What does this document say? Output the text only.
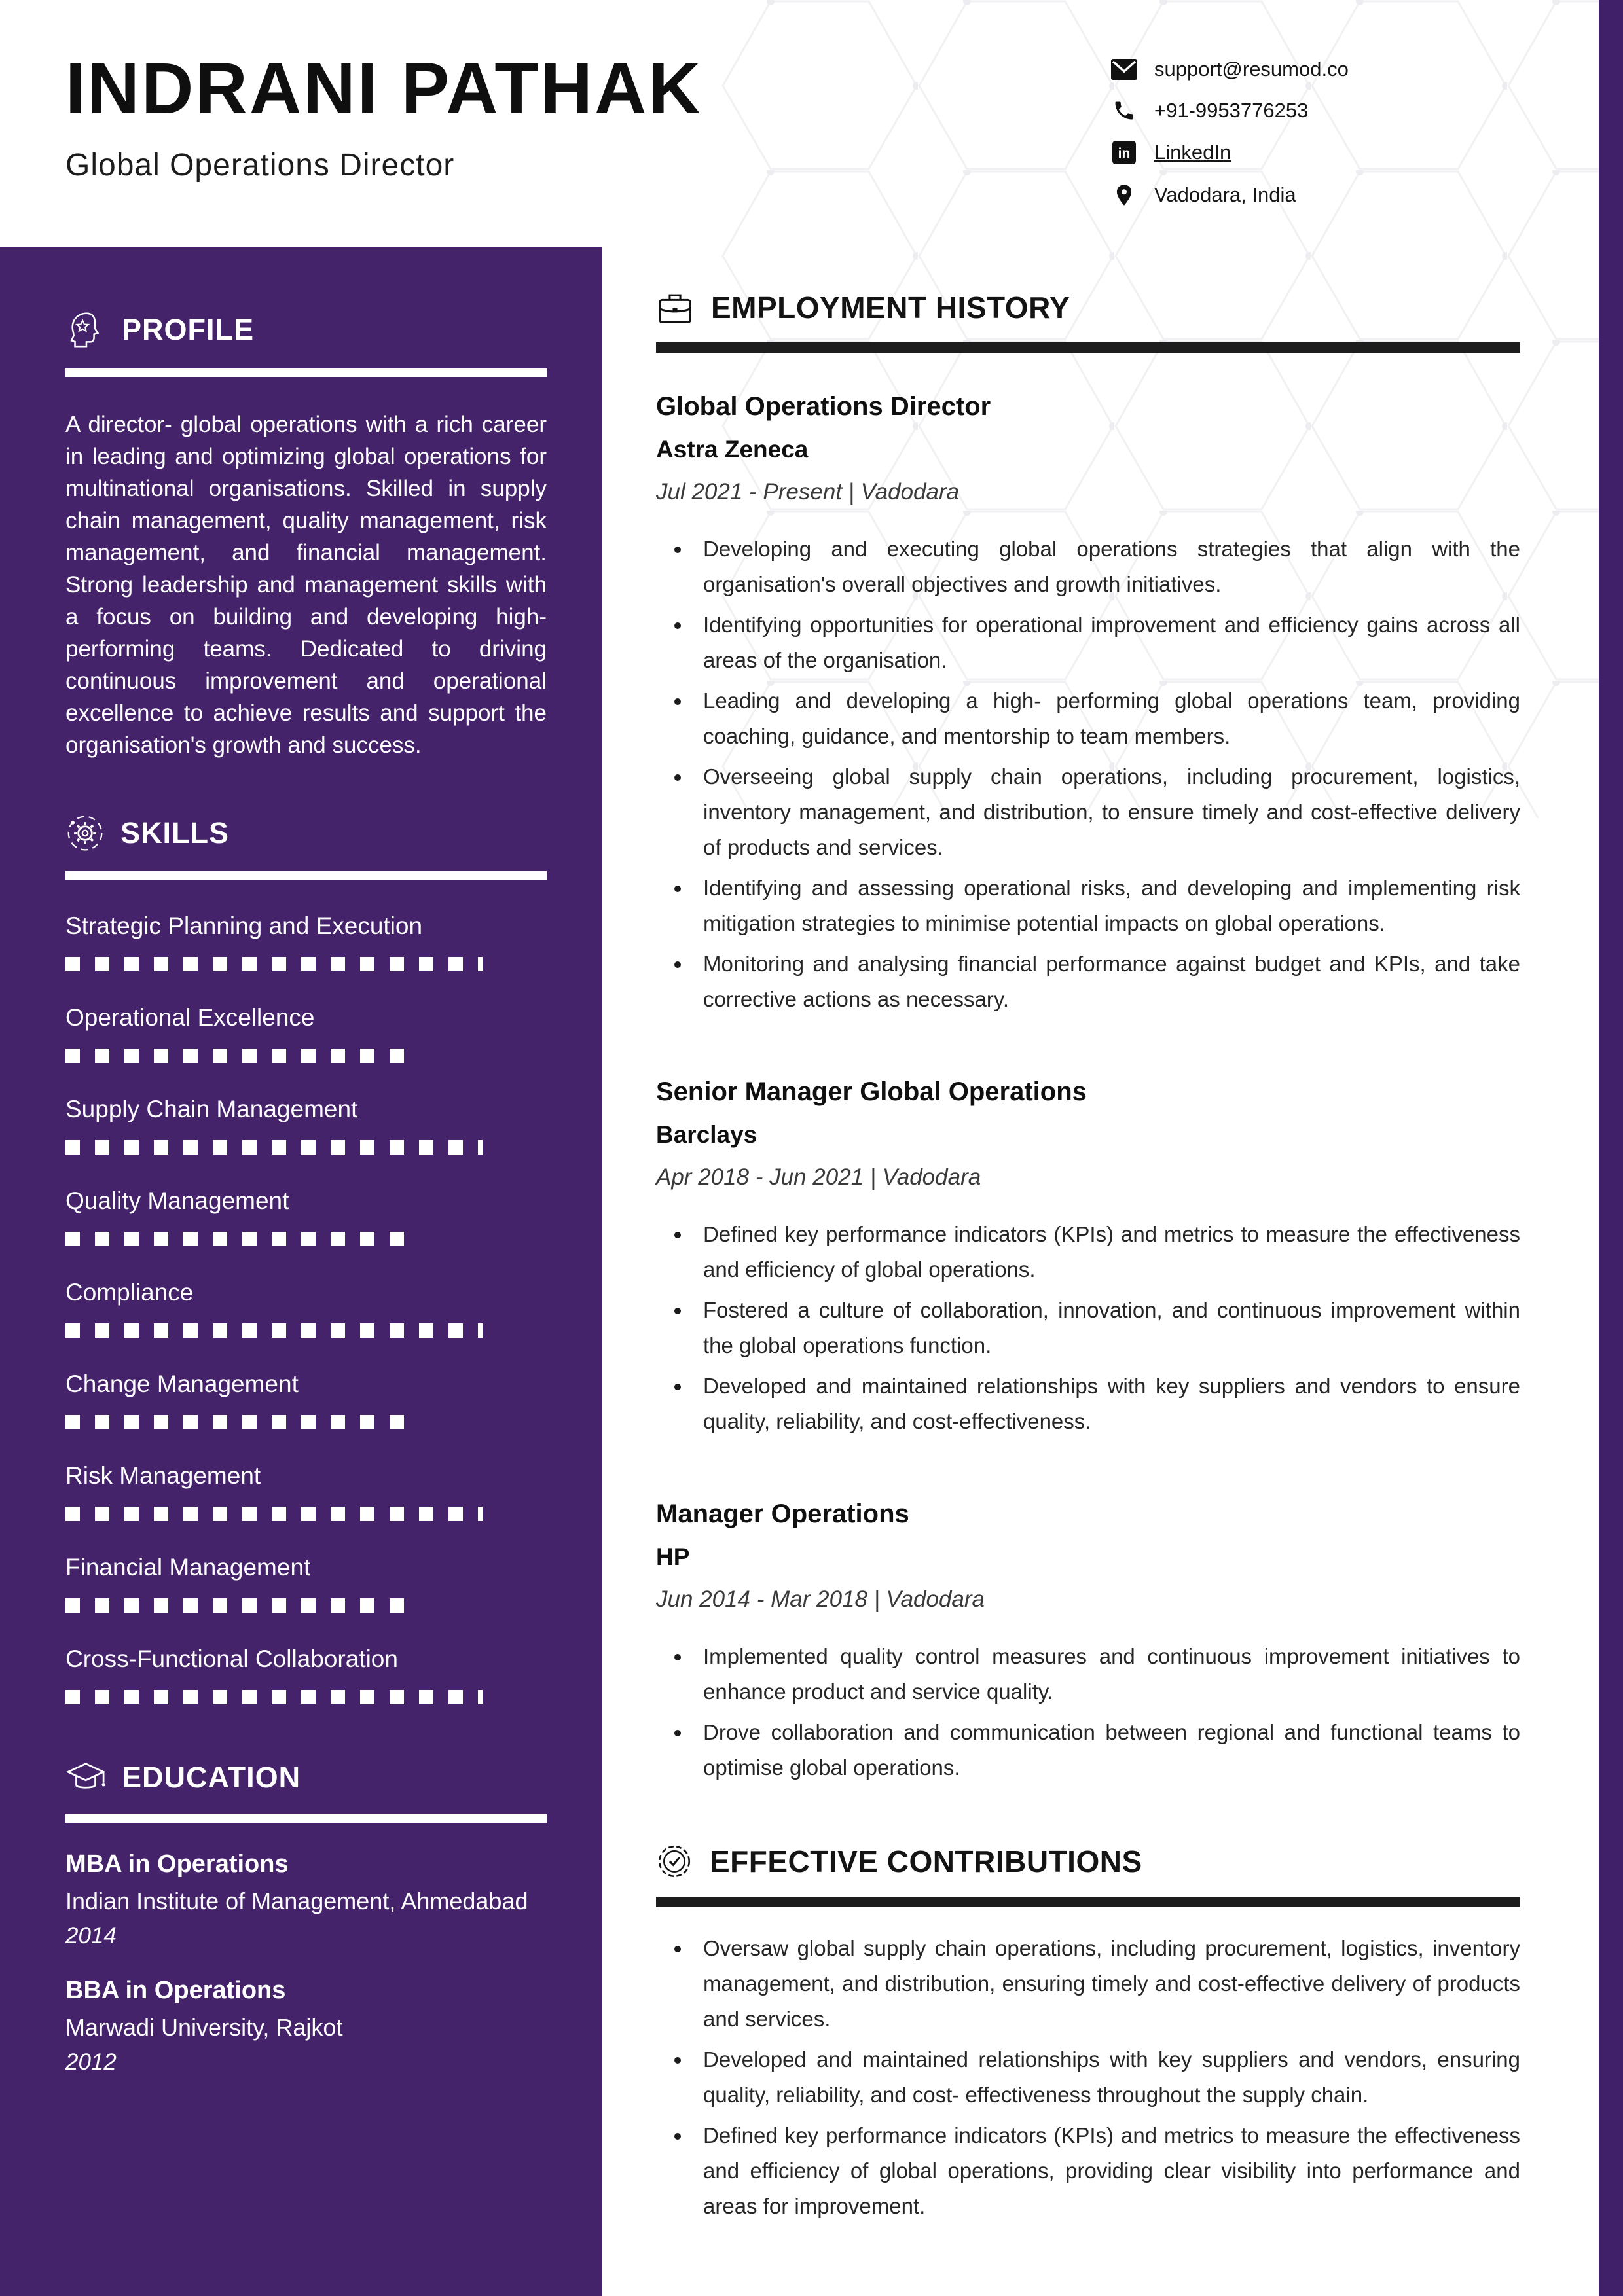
INDRANI PATHAK
Global Operations Director
support@resumod.co
+91-9953776253
in LinkedIn
Vadodara, India
PROFILE

A director- global operations with a rich career in leading and optimizing global operations for multinational organisations. Skilled in supply chain management, quality management, risk management, and financial management. Strong leadership and management skills with a focus on building and developing high- performing teams. Dedicated to driving continuous improvement and operational excellence to achieve results and support the organisation's growth and success.

SKILLS
Strategic Planning and Execution
Operational Excellence
Supply Chain Management
Quality Management
Compliance
Change Management
Risk Management
Financial Management
Cross-Functional Collaboration
EDUCATION
MBA in Operations
Indian Institute of Management, Ahmedabad
2014
BBA in Operations
Marwadi University, Rajkot
2012
EMPLOYMENT HISTORY
Global Operations Director
Astra Zeneca
Jul 2021 - Present | Vadodara
Developing and executing global operations strategies that align with the organisation's overall objectives and growth initiatives.
Identifying opportunities for operational improvement and efficiency gains across all areas of the organisation.
Leading and developing a high- performing global operations team, providing coaching, guidance, and mentorship to team members.
Overseeing global supply chain operations, including procurement, logistics, inventory management, and distribution, to ensure timely and cost-effective delivery of products and services.
Identifying and assessing operational risks, and developing and implementing risk mitigation strategies to minimise potential impacts on global operations.
Monitoring and analysing financial performance against budget and KPIs, and take corrective actions as necessary.
Senior Manager Global Operations
Barclays
Apr 2018 - Jun 2021 | Vadodara
Defined key performance indicators (KPIs) and metrics to measure the effectiveness and efficiency of global operations.
Fostered a culture of collaboration, innovation, and continuous improvement within the global operations function.
Developed and maintained relationships with key suppliers and vendors to ensure quality, reliability, and cost-effectiveness.
Manager Operations
HP
Jun 2014 - Mar 2018 | Vadodara
Implemented quality control measures and continuous improvement initiatives to enhance product and service quality.
Drove collaboration and communication between regional and functional teams to optimise global operations.
EFFECTIVE CONTRIBUTIONS
Oversaw global supply chain operations, including procurement, logistics, inventory management, and distribution, ensuring timely and cost-effective delivery of products and services.
Developed and maintained relationships with key suppliers and vendors, ensuring quality, reliability, and cost- effectiveness throughout the supply chain.
Defined key performance indicators (KPIs) and metrics to measure the effectiveness and efficiency of global operations, providing clear visibility into performance and areas for improvement.
